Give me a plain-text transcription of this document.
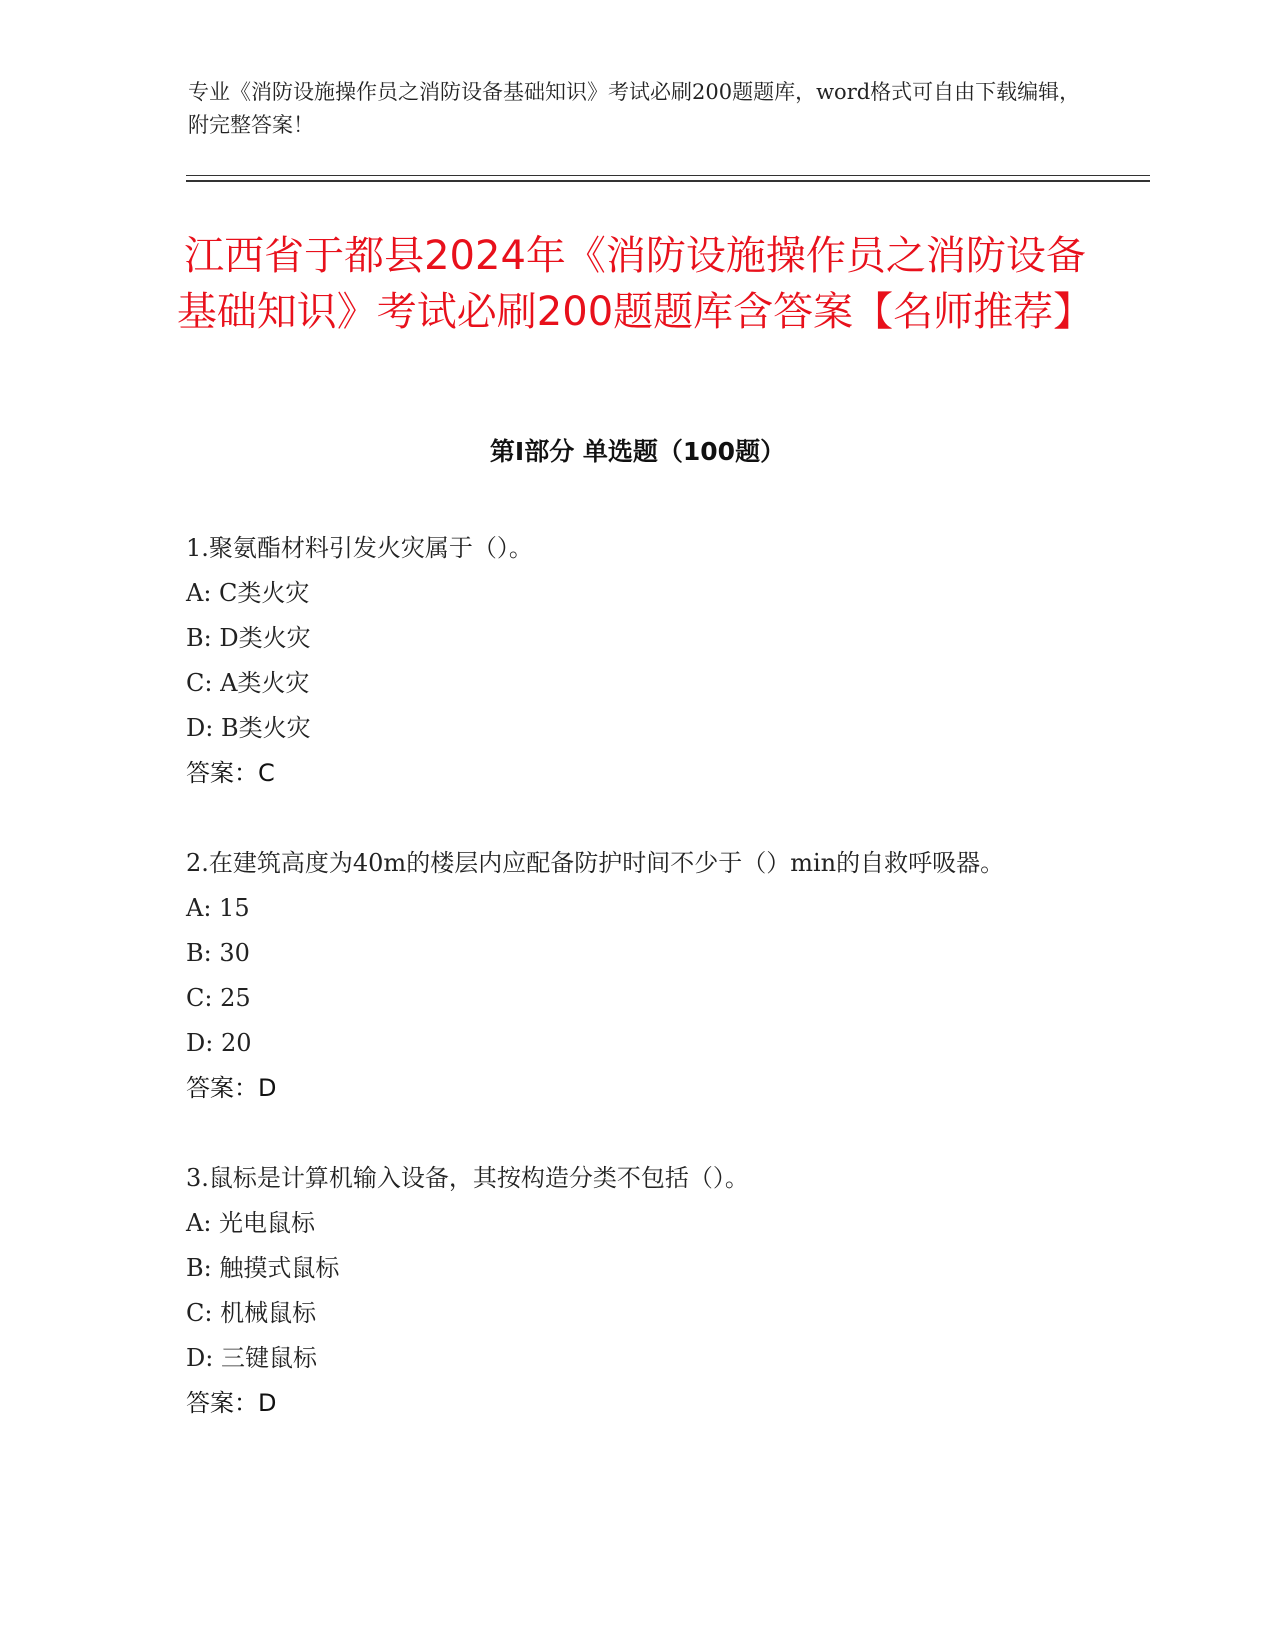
专业《消防设施操作员之消防设备基础知识》考试必刷200题题库，word格式可自由下载编辑，附完整答案！
江西省于都县2024年《消防设施操作员之消防设备基础知识》考试必刷200题题库含答案【名师推荐】
第Ⅰ部分 单选题（100题）

1.聚氨酯材料引发火灾属于（）。

A: C类火灾

B: D类火灾

C: A类火灾

D: B类火灾

答案：C

2.在建筑高度为40m的楼层内应配备防护时间不少于（）min的自救呼吸器。

A: 15

B: 30

C: 25

D: 20

答案：D

3.鼠标是计算机输入设备，其按构造分类不包括（）。

A: 光电鼠标

B: 触摸式鼠标

C: 机械鼠标

D: 三键鼠标

答案：D
